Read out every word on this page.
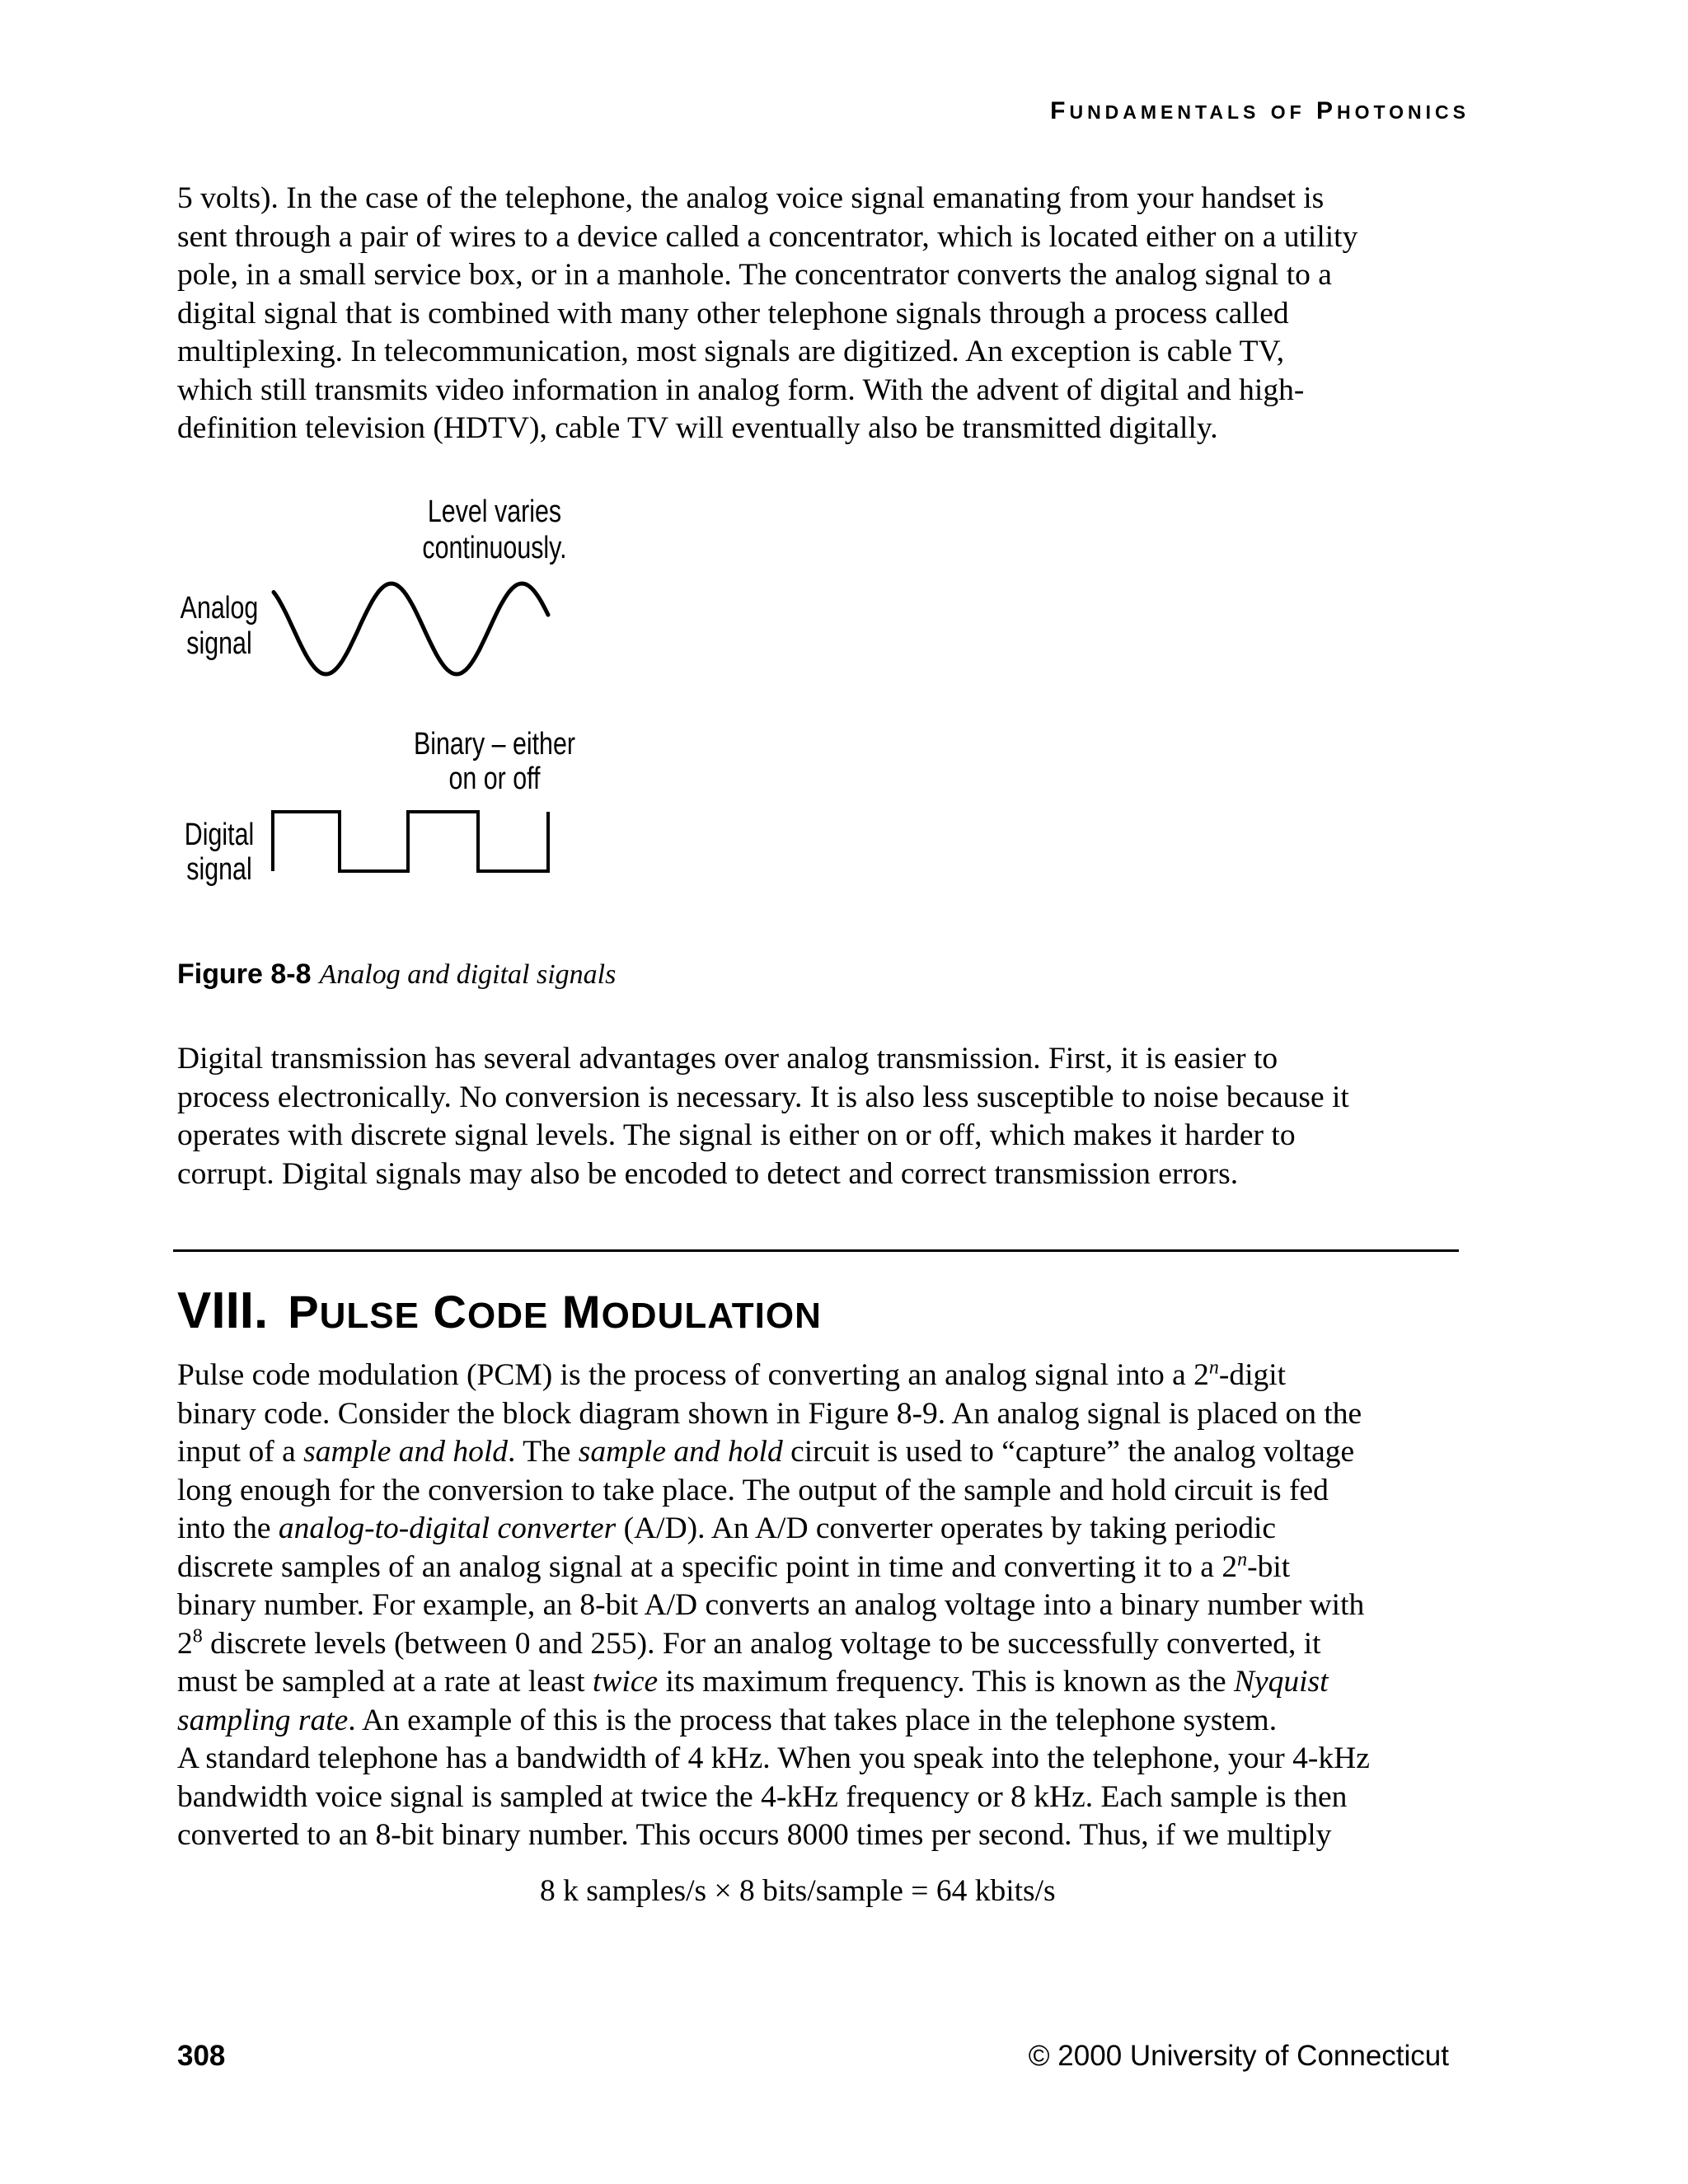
FUNDAMENTALS OF PHOTONICS
5 volts). In the case of the telephone, the analog voice signal emanating from your handset is
sent through a pair of wires to a device called a concentrator, which is located either on a utility
pole, in a small service box, or in a manhole. The concentrator converts the analog signal to a
digital signal that is combined with many other telephone signals through a process called
multiplexing. In telecommunication, most signals are digitized. An exception is cable TV,
which still transmits video information in analog form. With the advent of digital and high-
definition television (HDTV), cable TV will eventually also be transmitted digitally.
Level varies
continuously.
Analog
signal
Binary – either
on or off
Digital
signal
Figure 8-8 Analog and digital signals
Digital transmission has several advantages over analog transmission. First, it is easier to
process electronically. No conversion is necessary. It is also less susceptible to noise because it
operates with discrete signal levels. The signal is either on or off, which makes it harder to
corrupt. Digital signals may also be encoded to detect and correct transmission errors.
VIII. PULSE CODE MODULATION
Pulse code modulation (PCM) is the process of converting an analog signal into a 2$^n$-digit
binary code. Consider the block diagram shown in Figure 8-9. An analog signal is placed on the
input of a sample and hold. The sample and hold circuit is used to “capture” the analog voltage
long enough for the conversion to take place. The output of the sample and hold circuit is fed
into the analog-to-digital converter (A/D). An A/D converter operates by taking periodic
discrete samples of an analog signal at a specific point in time and converting it to a 2$^n$-bit
binary number. For example, an 8-bit A/D converts an analog voltage into a binary number with
$2^8$ discrete levels (between 0 and 255). For an analog voltage to be successfully converted, it
must be sampled at a rate at least twice its maximum frequency. This is known as the Nyquist
sampling rate. An example of this is the process that takes place in the telephone system.
A standard telephone has a bandwidth of 4 kHz. When you speak into the telephone, your 4-kHz
bandwidth voice signal is sampled at twice the 4-kHz frequency or 8 kHz. Each sample is then
converted to an 8-bit binary number. This occurs 8000 times per second. Thus, if we multiply
8 k samples/s × 8 bits/sample = 64 kbits/s
308	© 2000 University of Connecticut
